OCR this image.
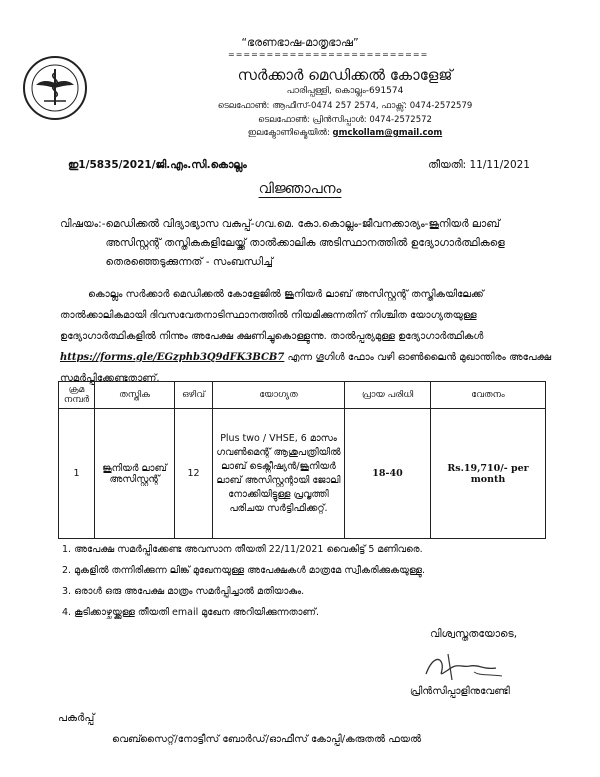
“ഭരണഭാഷ-മാതൃഭാഷ”
==========================
സർക്കാർ മെഡിക്കൽ കോളേജ്
പാരിപ്പള്ളി, കൊല്ലം-691574
ടെലഫോൺ: ആഫീസ്-0474 257 2574, ഫാക്സ്: 0474-2572579
ടെലഫോൺ: പ്രിൻസിപ്പാൾ: 0474-2572572
ഇലക്ട്രോണിക്മെയിൽ: gmckollam@gmail.com
ഇ1/5835/2021/ജി.എം.സി.കൊല്ലം	തീയതി: 11/11/2021
വിജ്ഞാപനം
വിഷയം:- മെഡിക്കൽ വിദ്യാഭ്യാസ വകുപ്പ്-ഗവ.മെ. കോ.കൊല്ലം-ജീവനക്കാര്യം-ജൂനിയർ ലാബ് അസിസ്റ്റന്റ് തസ്തികകളിലേയ്ക്ക് താൽക്കാലിക അടിസ്ഥാനത്തിൽ ഉദ്യോഗാർത്ഥികളെ തെരഞ്ഞെടുക്കുന്നത് - സംബന്ധിച്ച്
കൊല്ലം സർക്കാർ മെഡിക്കൽ കോളേജിൽ ജൂനിയർ ലാബ് അസിസ്റ്റന്റ് തസ്തികയിലേക്ക് താൽക്കാലികമായി ദിവസവേതനാടിസ്ഥാനത്തിൽ നിയമിക്കുന്നതിന് നിശ്ചിത യോഗ്യതയുള്ള ഉദ്യോഗാർത്ഥികളിൽ നിന്നും അപേക്ഷ ക്ഷണിച്ചുകൊള്ളുന്നു. താൽപ്പര്യമുള്ള ഉദ്യോഗാർത്ഥികൾ https://forms.gle/EGzphb3Q9dFK3BCB7 എന്ന ഗൂഗിൾ ഫോം വഴി ഓൺലൈൻ മുഖാന്തിരം അപേക്ഷ സമർപ്പിക്കേണ്ടതാണ്.
ക്രമ നമ്പർ	തസ്തിക	ഒഴിവ്	യോഗ്യത	പ്രായ പരിധി	വേതനം
1	ജൂനിയർ ലാബ് അസിസ്റ്റന്റ്	12	Plus two / VHSE, 6 മാസം ഗവൺമെന്റ് ആശുപത്രിയിൽ ലാബ് ടെക്നീഷ്യൻ/ജൂനിയർ ലാബ് അസിസ്റ്റന്റായി ജോലി നോക്കിയിട്ടുള്ള പ്രവൃത്തി പരിചയ സർട്ടിഫിക്കറ്റ്.	18-40	Rs.19,710/- per month
1. അപേക്ഷ സമർപ്പിക്കേണ്ട അവസാന തീയതി 22/11/2021 വൈകിട്ട് 5 മണിവരെ.
2. മുകളിൽ തന്നിരിക്കുന്ന ലിങ്ക് മുഖേനയുള്ള അപേക്ഷകൾ മാത്രമേ സ്വീകരിക്കുകയുള്ളു.
3. ഒരാൾ ഒരു അപേക്ഷ മാത്രം സമർപ്പിച്ചാൽ മതിയാകും.
4. കൂടിക്കാഴ്ചയ്ക്കുള്ള തീയതി email മുഖേന അറിയിക്കുന്നതാണ്.
വിശ്വസ്തതയോടെ,
പ്രിൻസിപ്പാളിനുവേണ്ടി
പകർപ്പ്
വെബ്സൈറ്റ്/നോട്ടീസ് ബോർഡ്/ഓഫീസ് കോപ്പി/കരുതൽ ഫയൽ
